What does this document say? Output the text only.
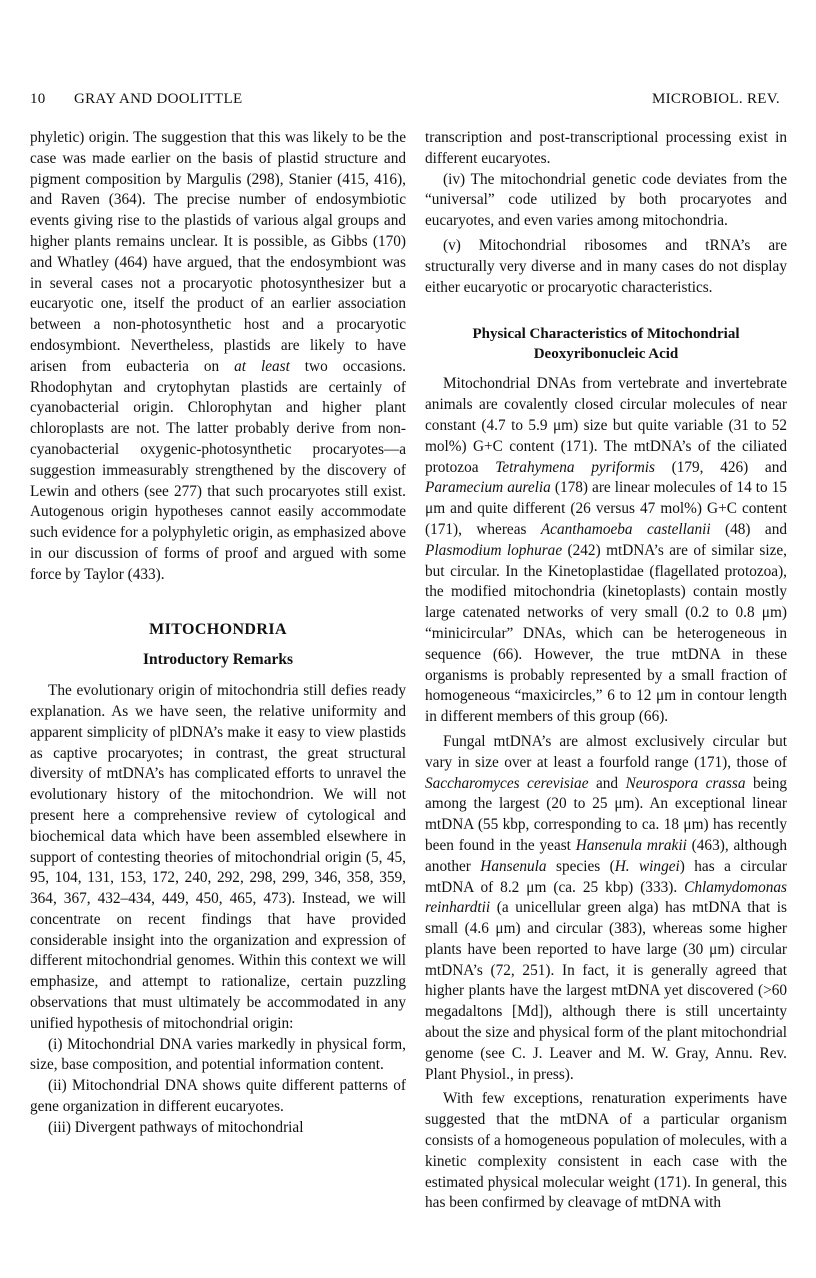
10 GRAY AND DOOLITTLE	MICROBIOL. REV.

phyletic) origin. The suggestion that this was likely to be the case was made earlier on the basis of plastid structure and pigment composition by Margulis (298), Stanier (415, 416), and Raven (364). The precise number of endosymbiotic events giving rise to the plastids of various algal groups and higher plants remains unclear. It is possible, as Gibbs (170) and Whatley (464) have argued, that the endosymbiont was in several cases not a procaryotic photosynthesizer but a eucaryotic one, itself the product of an earlier association between a non-photosynthetic host and a procaryotic endosymbiont. Nevertheless, plastids are likely to have arisen from eubacteria on at least two occasions. Rhodophytan and crytophytan plastids are certainly of cyanobacterial origin. Chlorophytan and higher plant chloroplasts are not. The latter probably derive from non-cyanobacterial oxygenic-photosynthetic procaryotes—a suggestion immeasurably strengthened by the discovery of Lewin and others (see 277) that such procaryotes still exist. Autogenous origin hypotheses cannot easily accommodate such evidence for a polyphyletic origin, as emphasized above in our discussion of forms of proof and argued with some force by Taylor (433).

MITOCHONDRIA
Introductory Remarks

The evolutionary origin of mitochondria still defies ready explanation. As we have seen, the relative uniformity and apparent simplicity of plDNA’s make it easy to view plastids as captive procaryotes; in contrast, the great structural diversity of mtDNA’s has complicated efforts to unravel the evolutionary history of the mitochondrion. We will not present here a comprehensive review of cytological and biochemical data which have been assembled elsewhere in support of contesting theories of mitochondrial origin (5, 45, 95, 104, 131, 153, 172, 240, 292, 298, 299, 346, 358, 359, 364, 367, 432–434, 449, 450, 465, 473). Instead, we will concentrate on recent findings that have provided considerable insight into the organization and expression of different mitochondrial genomes. Within this context we will emphasize, and attempt to rationalize, certain puzzling observations that must ultimately be accommodated in any unified hypothesis of mitochondrial origin:

(i) Mitochondrial DNA varies markedly in physical form, size, base composition, and potential information content.

(ii) Mitochondrial DNA shows quite different patterns of gene organization in different eucaryotes.

(iii) Divergent pathways of mitochondrial

transcription and post-transcriptional processing exist in different eucaryotes.

(iv) The mitochondrial genetic code deviates from the “universal” code utilized by both procaryotes and eucaryotes, and even varies among mitochondria.

(v) Mitochondrial ribosomes and tRNA’s are structurally very diverse and in many cases do not display either eucaryotic or procaryotic characteristics.

Physical Characteristics of Mitochondrial Deoxyribonucleic Acid

Mitochondrial DNAs from vertebrate and invertebrate animals are covalently closed circular molecules of near constant (4.7 to 5.9 μm) size but quite variable (31 to 52 mol%) G+C content (171). The mtDNA’s of the ciliated protozoa Tetrahymena pyriformis (179, 426) and Paramecium aurelia (178) are linear molecules of 14 to 15 μm and quite different (26 versus 47 mol%) G+C content (171), whereas Acanthamoeba castellanii (48) and Plasmodium lophurae (242) mtDNA’s are of similar size, but circular. In the Kinetoplastidae (flagellated protozoa), the modified mitochondria (kinetoplasts) contain mostly large catenated networks of very small (0.2 to 0.8 μm) “minicircular” DNAs, which can be heterogeneous in sequence (66). However, the true mtDNA in these organisms is probably represented by a small fraction of homogeneous “maxicircles,” 6 to 12 μm in contour length in different members of this group (66).

Fungal mtDNA’s are almost exclusively circular but vary in size over at least a fourfold range (171), those of Saccharomyces cerevisiae and Neurospora crassa being among the largest (20 to 25 μm). An exceptional linear mtDNA (55 kbp, corresponding to ca. 18 μm) has recently been found in the yeast Hansenula mrakii (463), although another Hansenula species (H. wingei) has a circular mtDNA of 8.2 μm (ca. 25 kbp) (333). Chlamydomonas reinhardtii (a unicellular green alga) has mtDNA that is small (4.6 μm) and circular (383), whereas some higher plants have been reported to have large (30 μm) circular mtDNA’s (72, 251). In fact, it is generally agreed that higher plants have the largest mtDNA yet discovered (>60 megadaltons [Md]), although there is still uncertainty about the size and physical form of the plant mitochondrial genome (see C. J. Leaver and M. W. Gray, Annu. Rev. Plant Physiol., in press).

With few exceptions, renaturation experiments have suggested that the mtDNA of a particular organism consists of a homogeneous population of molecules, with a kinetic complexity consistent in each case with the estimated physical molecular weight (171). In general, this has been confirmed by cleavage of mtDNA with
